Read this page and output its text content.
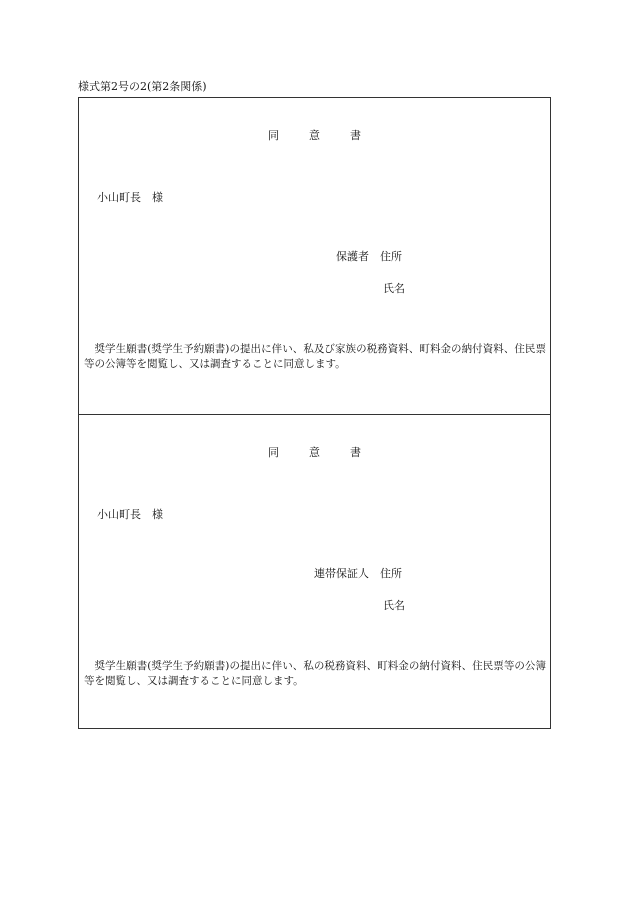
様式第2号の2(第2条関係)
同意書
小山町長 様
保護者 住所
氏名
奨学生願書(奨学生予約願書)の提出に伴い、私及び家族の税務資料、町料金の納付資料、住民票等の公簿等を閲覧し、又は調査することに同意します。
同意書
小山町長 様
連帯保証人 住所
氏名
奨学生願書(奨学生予約願書)の提出に伴い、私の税務資料、町料金の納付資料、住民票等の公簿等を閲覧し、又は調査することに同意します。
